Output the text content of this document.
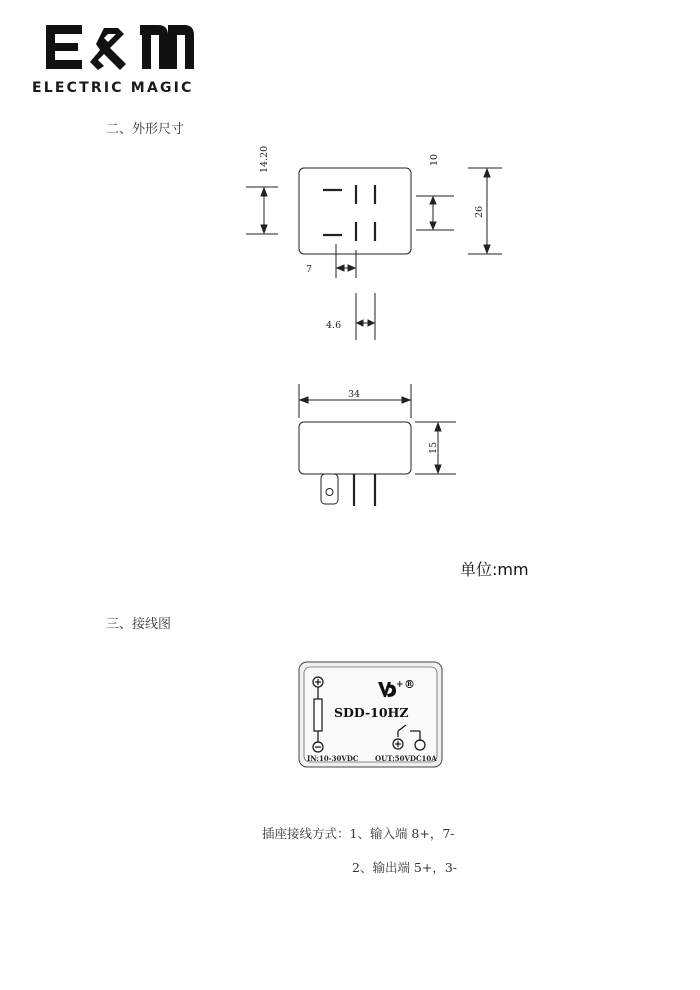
ELECTRIC MAGIC
二、外形尺寸
14.20	10
26
7
4.6
34
15
单位:mm
三、接线图
+ ®
SDD-10HZ
IN:10-30VDC OUT:50VDC10A
插座接线方式：1、输入端 8+，7-
2、输出端 5+，3-
